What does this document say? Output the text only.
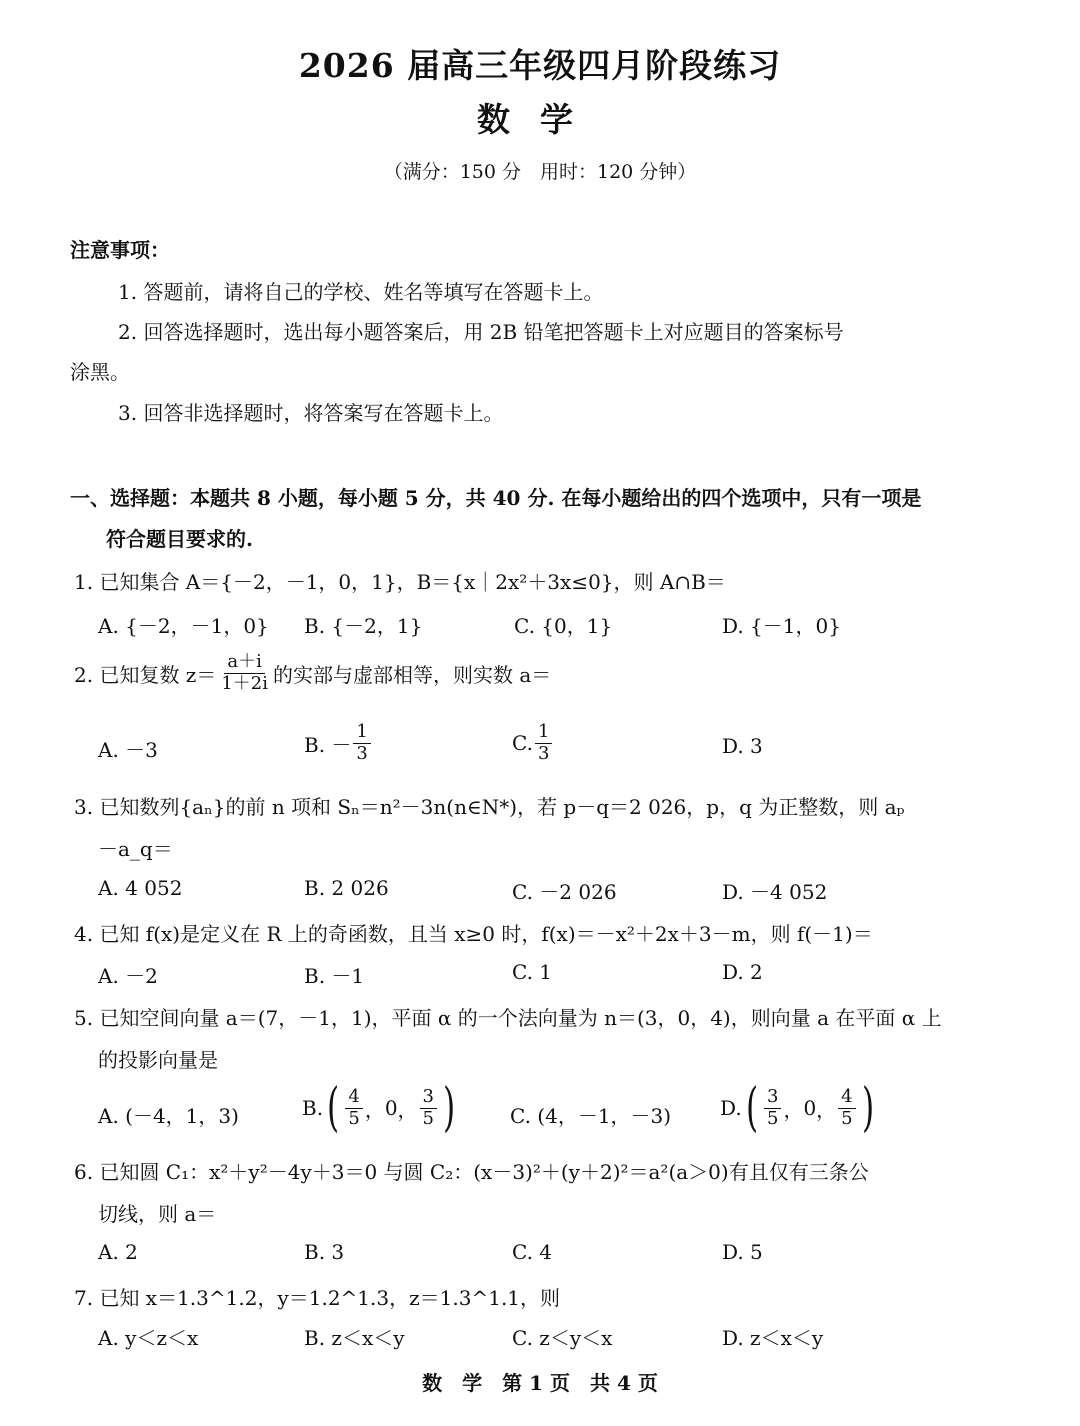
2026 届高三年级四月阶段练习
数学
（满分：150 分　用时：120 分钟）
注意事项：
1. 答题前，请将自己的学校、姓名等填写在答题卡上。
2. 回答选择题时，选出每小题答案后，用 2B 铅笔把答题卡上对应题目的答案标号
涂黑。
3. 回答非选择题时，将答案写在答题卡上。
一、选择题：本题共 8 小题，每小题 5 分，共 40 分. 在每小题给出的四个选项中，只有一项是
符合题目要求的.
1. 已知集合 A＝{－2，－1，0，1}，B＝{x｜2x²＋3x≤0}，则 A∩B＝
A. {－2，－1，0} B. {－2，1}	C. {0，1}	D. {－1，0}
2. 已知复数 $z= \frac{a+i}{1+2i}$ 的实部与虚部相等，则实数 a＝
A. －3	B. － $\frac{1}{3}$	C. $\frac{1}{3}$	D. 3
3. 已知数列{aₙ}的前 n 项和 Sₙ＝n²－3n(n∈N*)，若 p－q＝2 026，p，q 为正整数，则 aₚ
－a_q＝
A. 4 052	B. 2 026	C. －2 026	D. －4 052
4. 已知 f(x)是定义在 R 上的奇函数，且当 x≥0 时，f(x)＝－x²＋2x＋3－m，则 f(－1)＝
A. －2	B. －1	C. 1	D. 2
5. 已知空间向量 a＝(7，－1，1)，平面 α 的一个法向量为 n＝(3，0，4)，则向量 a 在平面 α 上
的投影向量是
A. (－4，1，3)	B. ( $\frac{4}{5}$ ， 0 ， $\frac{3}{5}$ )	C. (4，－1，－3) D. ( $\frac{3}{5}$ ， 0 ， $\frac{4}{5}$ )
6. 已知圆 C₁：x²＋y²－4y＋3＝0 与圆 C₂：(x－3)²＋(y＋2)²＝a²(a＞0)有且仅有三条公
切线，则 a＝
A. 2	B. 3	C. 4	D. 5
7. 已知 x＝1.3^1.2，y＝1.2^1.3，z＝1.3^1.1，则
A. y＜z＜x	B. z＜x＜y	C. z＜y＜x	D. z＜x＜y
数　学　第 1 页　共 4 页
